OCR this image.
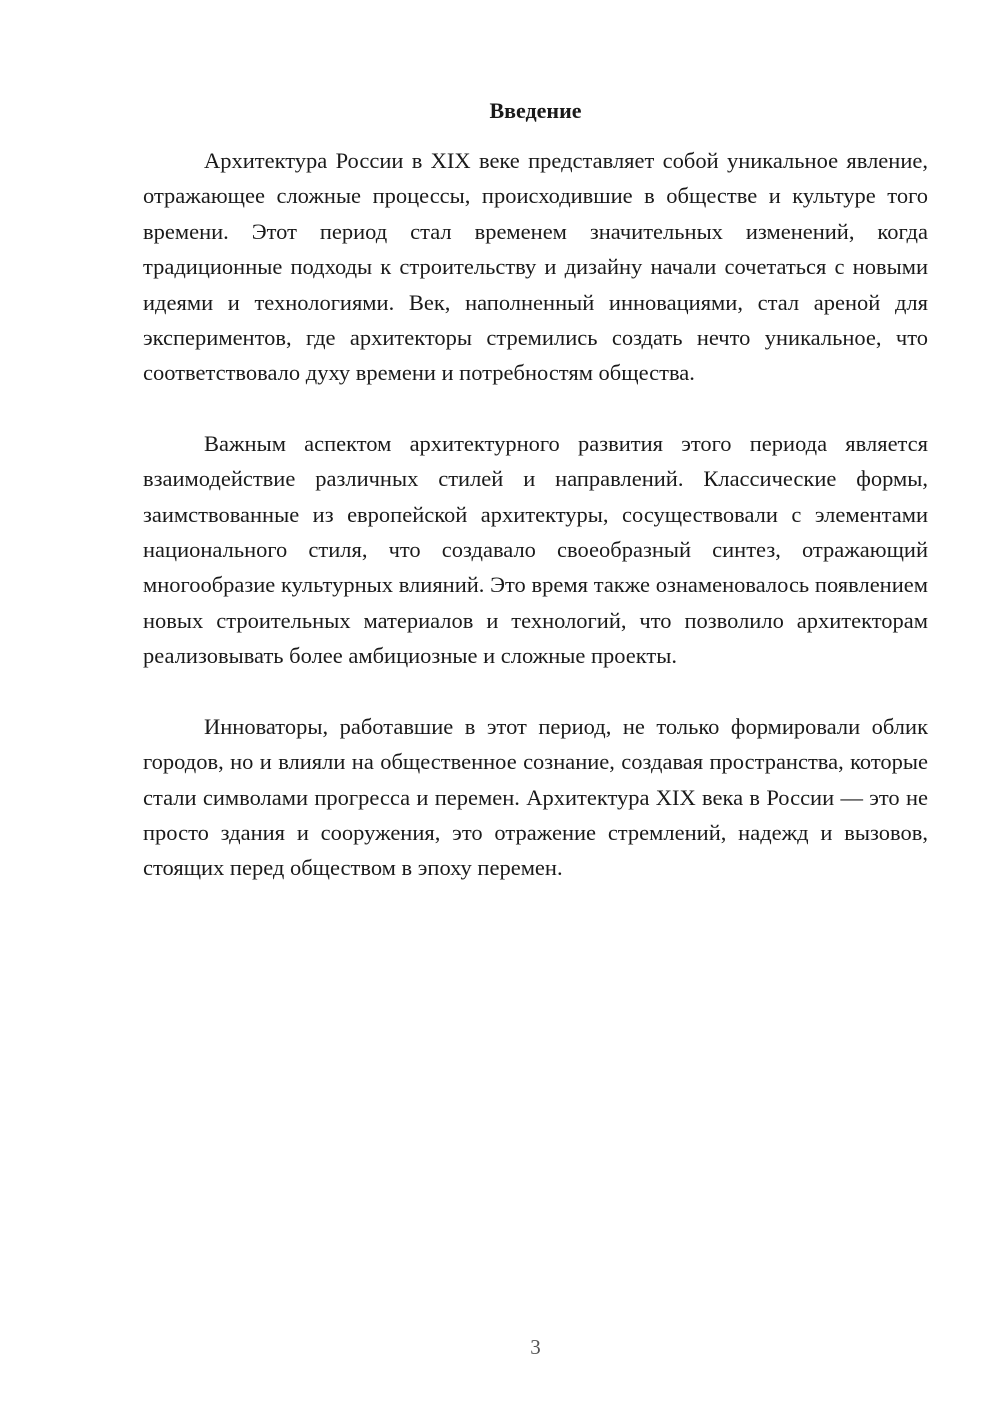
Введение

Архитектура России в XIX веке представляет собой уникальное явление, отражающее сложные процессы, происходившие в обществе и культуре того времени. Этот период стал временем значительных изменений, когда традиционные подходы к строительству и дизайну начали сочетаться с новыми идеями и технологиями. Век, наполненный инновациями, стал ареной для экспериментов, где архитекторы стремились создать нечто уникальное, что соответствовало духу времени и потребностям общества.

Важным аспектом архитектурного развития этого периода является взаимодействие различных стилей и направлений. Классические формы, заимствованные из европейской архитектуры, сосуществовали с элементами национального стиля, что создавало своеобразный синтез, отражающий многообразие культурных влияний. Это время также ознаменовалось появлением новых строительных материалов и технологий, что позволило архитекторам реализовывать более амбициозные и сложные проекты.

Инноваторы, работавшие в этот период, не только формировали облик городов, но и влияли на общественное сознание, создавая пространства, которые стали символами прогресса и перемен. Архитектура XIX века в России — это не просто здания и сооружения, это отражение стремлений, надежд и вызовов, стоящих перед обществом в эпоху перемен.

3
